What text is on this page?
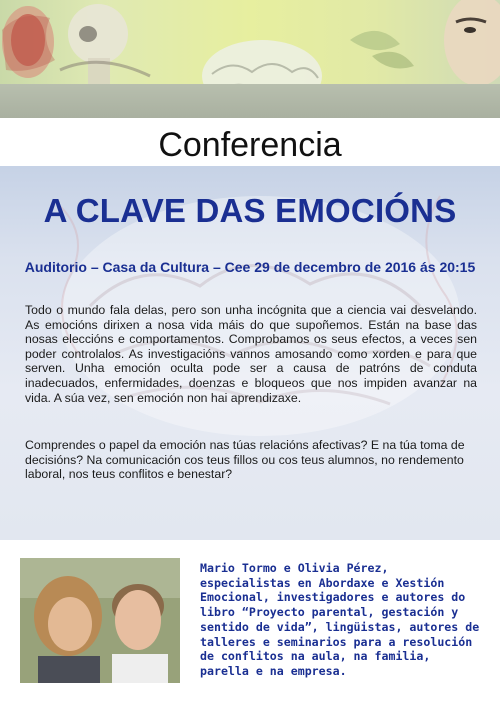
Conferencia
A CLAVE DAS EMOCIÓNS

Auditorio – Casa da Cultura – Cee 29 de decembro de 2016 ás 20:15

Todo o mundo fala delas, pero son unha incógnita que a ciencia vai desvelando. As emocións dirixen a nosa vida máis do que supoñemos. Están na base das nosas eleccións e comportamentos. Comprobamos os seus efectos, a veces sen poder controlalos. As investigacións vannos amosando como xorden e para que serven. Unha emoción oculta pode ser a causa de patróns de conduta inadecuados, enfermidades, doenzas e bloqueos que nos impiden avanzar na vida. A súa vez, sen emoción non hai aprendizaxe.

Comprendes o papel da emoción nas túas relacións afectivas? E na túa toma de decisións? Na comunicación cos teus fillos ou cos teus alumnos, no rendemento laboral, nos teus conflitos e benestar?

Mario Tormo e Olivia Pérez, especialistas en Abordaxe e Xestión Emocional, investigadores e autores do libro “Proyecto parental, gestación y sentido de vida”, lingüistas, autores de talleres e seminarios para a resolución de conflitos na aula, na familia, parella e na empresa.
